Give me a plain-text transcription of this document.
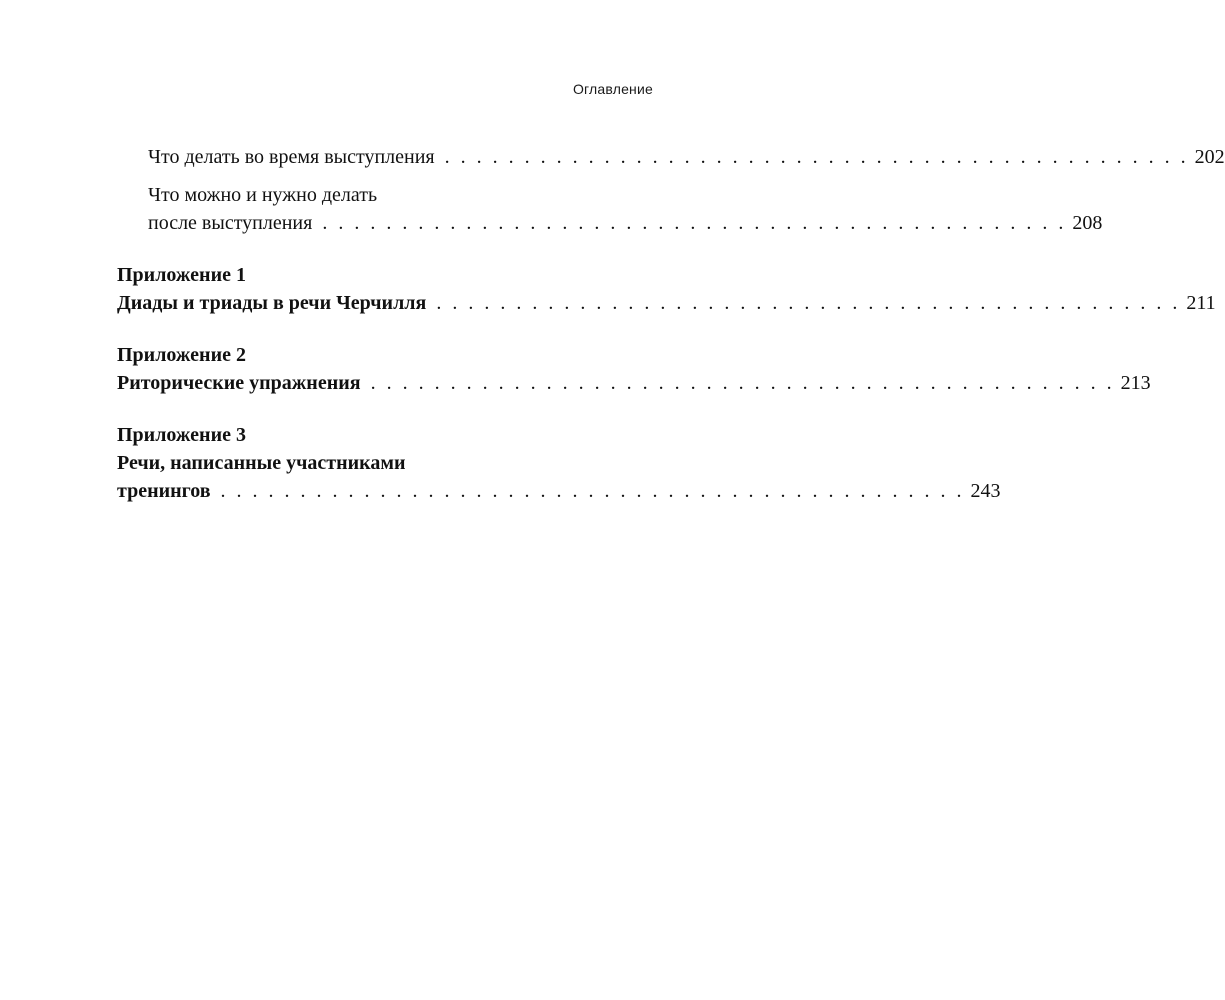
Оглавление
Что делать во время выступления . . . . . . . . . . . . . . . . . . . . . . . . . . . . . . . . . . . . . . . . . . . . . . . 202
Что можно и нужно делать
после выступления . . . . . . . . . . . . . . . . . . . . . . . . . . . . . . . . . . . . . . . . . . . . . . . 208
Приложение 1
Диады и триады в речи Черчилля . . . . . . . . . . . . . . . . . . . . . . . . . . . . . . . . . . . . . . . . . . . . . . . 211
Приложение 2
Риторические упражнения . . . . . . . . . . . . . . . . . . . . . . . . . . . . . . . . . . . . . . . . . . . . . . . 213
Приложение 3
Речи, написанные участниками
тренингов . . . . . . . . . . . . . . . . . . . . . . . . . . . . . . . . . . . . . . . . . . . . . . . 243
